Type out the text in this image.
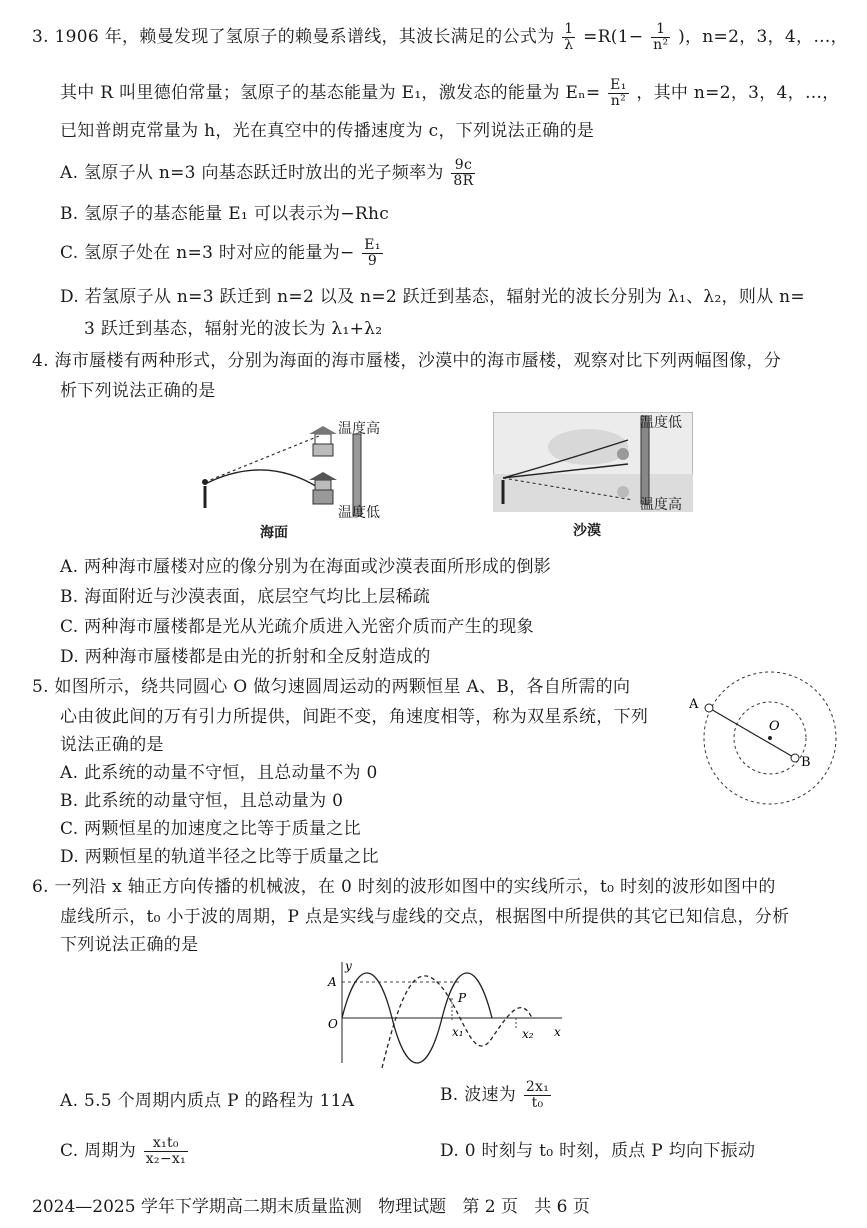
3. 1906 年，赖曼发现了氢原子的赖曼系谱线，其波长满足的公式为 $\frac{1}{\lambda} =R(1- \frac{1}{\text{n²}}$ )，n=2，3，4，…，
其中 R 叫里德伯常量；氢原子的基态能量为 E₁，激发态的能量为 $E_n= \frac{\text{E₁}}{\text{n²}}$ ，其中 n=2，3，4，…，
已知普朗克常量为 h，光在真空中的传播速度为 c，下列说法正确的是
A. 氢原子从 n=3 向基态跃迁时放出的光子频率为 $\frac{9c}{8R}$
B. 氢原子的基态能量 E₁ 可以表示为−Rhc
C. 氢原子处在 n=3 时对应的能量为− $\frac{\text{E₁}}{9}$
D. 若氢原子从 n=3 跃迁到 n=2 以及 n=2 跃迁到基态，辐射光的波长分别为 λ₁、λ₂，则从 n=
3 跃迁到基态，辐射光的波长为 λ₁+λ₂
4. 海市蜃楼有两种形式，分别为海面的海市蜃楼，沙漠中的海市蜃楼，观察对比下列两幅图像，分
析下列说法正确的是
温度高
温度低
海面
温度低
温度高
沙漠
A. 两种海市蜃楼对应的像分别为在海面或沙漠表面所形成的倒影
B. 海面附近与沙漠表面，底层空气均比上层稀疏
C. 两种海市蜃楼都是光从光疏介质进入光密介质而产生的现象
D. 两种海市蜃楼都是由光的折射和全反射造成的
5. 如图所示，绕共同圆心 O 做匀速圆周运动的两颗恒星 A、B，各自所需的向
心由彼此间的万有引力所提供，间距不变，角速度相等，称为双星系统，下列
说法正确的是
A. 此系统的动量不守恒，且总动量不为 0
B. 此系统的动量守恒，且总动量为 0
C. 两颗恒星的加速度之比等于质量之比
D. 两颗恒星的轨道半径之比等于质量之比
A
B
O
6. 一列沿 x 轴正方向传播的机械波，在 0 时刻的波形如图中的实线所示，t₀ 时刻的波形如图中的
虚线所示，t₀ 小于波的周期，P 点是实线与虚线的交点，根据图中所提供的其它已知信息，分析
下列说法正确的是
y
A
O
P
x₁	x₂ x
A. 5.5 个周期内质点 P 的路程为 11A	B. 波速为 $\frac{\text{2x₁}}{\text{t₀}}$
C. 周期为 $\frac{\text{x₁t₀}}{\text{x₂−x₁}}$	D. 0 时刻与 t₀ 时刻，质点 P 均向下振动
2024—2025 学年下学期高二期末质量监测 物理试题 第 2 页 共 6 页
